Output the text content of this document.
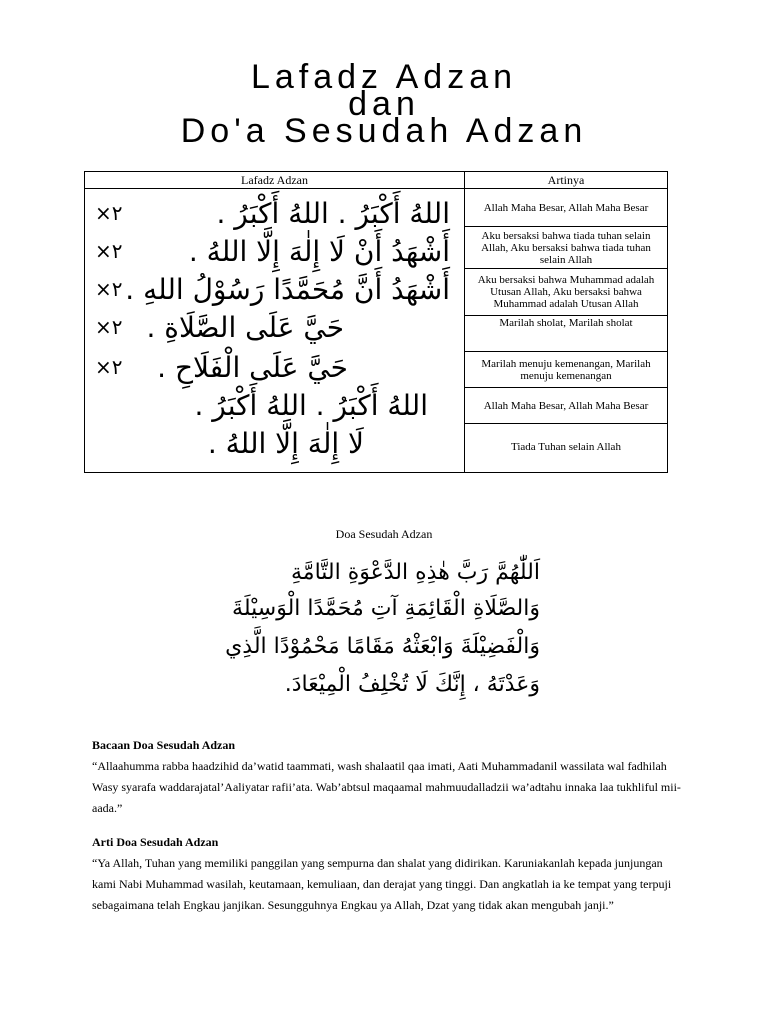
Lafadz Adzan
dan
Do'a Sesudah Adzan
Lafadz Adzan	Artinya
×٢	اللهُ أَكْبَرُ . اللهُ أَكْبَرُ .
×٢ أَشْهَدُ أَنْ لَا إِلٰهَ إِلَّا اللهُ .
×٢ أَشْهَدُ أَنَّ مُحَمَّدًا رَسُوْلُ اللهِ .
×٢ حَيَّ عَلَى الصَّلَاةِ .
×٢ حَيَّ عَلَى الْفَلَاحِ .
اللهُ أَكْبَرُ . اللهُ أَكْبَرُ .
لَا إِلٰهَ إِلَّا اللهُ .
Allah Maha Besar, Allah Maha Besar
Aku bersaksi bahwa tiada tuhan selain Allah, Aku bersaksi bahwa tiada tuhan selain Allah
Aku bersaksi bahwa Muhammad adalah Utusan Allah, Aku bersaksi bahwa Muhammad adalah Utusan Allah
Marilah sholat, Marilah sholat
Marilah menuju kemenangan, Marilah menuju kemenangan
Allah Maha Besar, Allah Maha Besar
Tiada Tuhan selain Allah
Doa Sesudah Adzan
اَللّٰهُمَّ رَبَّ هٰذِهِ الدَّعْوَةِ التَّامَّةِ
وَالصَّلَاةِ الْقَائِمَةِ آتِ مُحَمَّدًا الْوَسِيْلَةَ
وَالْفَضِيْلَةَ وَابْعَثْهُ مَقَامًا مَحْمُوْدًا الَّذِي
وَعَدْتَهُ ، إِنَّكَ لَا تُخْلِفُ الْمِيْعَادَ.
Bacaan Doa Sesudah Adzan
“Allaahumma rabba haadzihid da’watid taammati, wash shalaatil qaa imati, Aati Muhammadanil wassilata wal fadhilah Wasy syarafa waddarajatal’Aaliyatar rafii’ata. Wab’abtsul maqaamal mahmuudalladzii wa’adtahu innaka laa tukhliful mii-aada.”
Arti Doa Sesudah Adzan
“Ya Allah, Tuhan yang memiliki panggilan yang sempurna dan shalat yang didirikan. Karuniakanlah kepada junjungan kami Nabi Muhammad wasilah, keutamaan, kemuliaan, dan derajat yang tinggi. Dan angkatlah ia ke tempat yang terpuji sebagaimana telah Engkau janjikan. Sesungguhnya Engkau ya Allah, Dzat yang tidak akan mengubah janji.”
